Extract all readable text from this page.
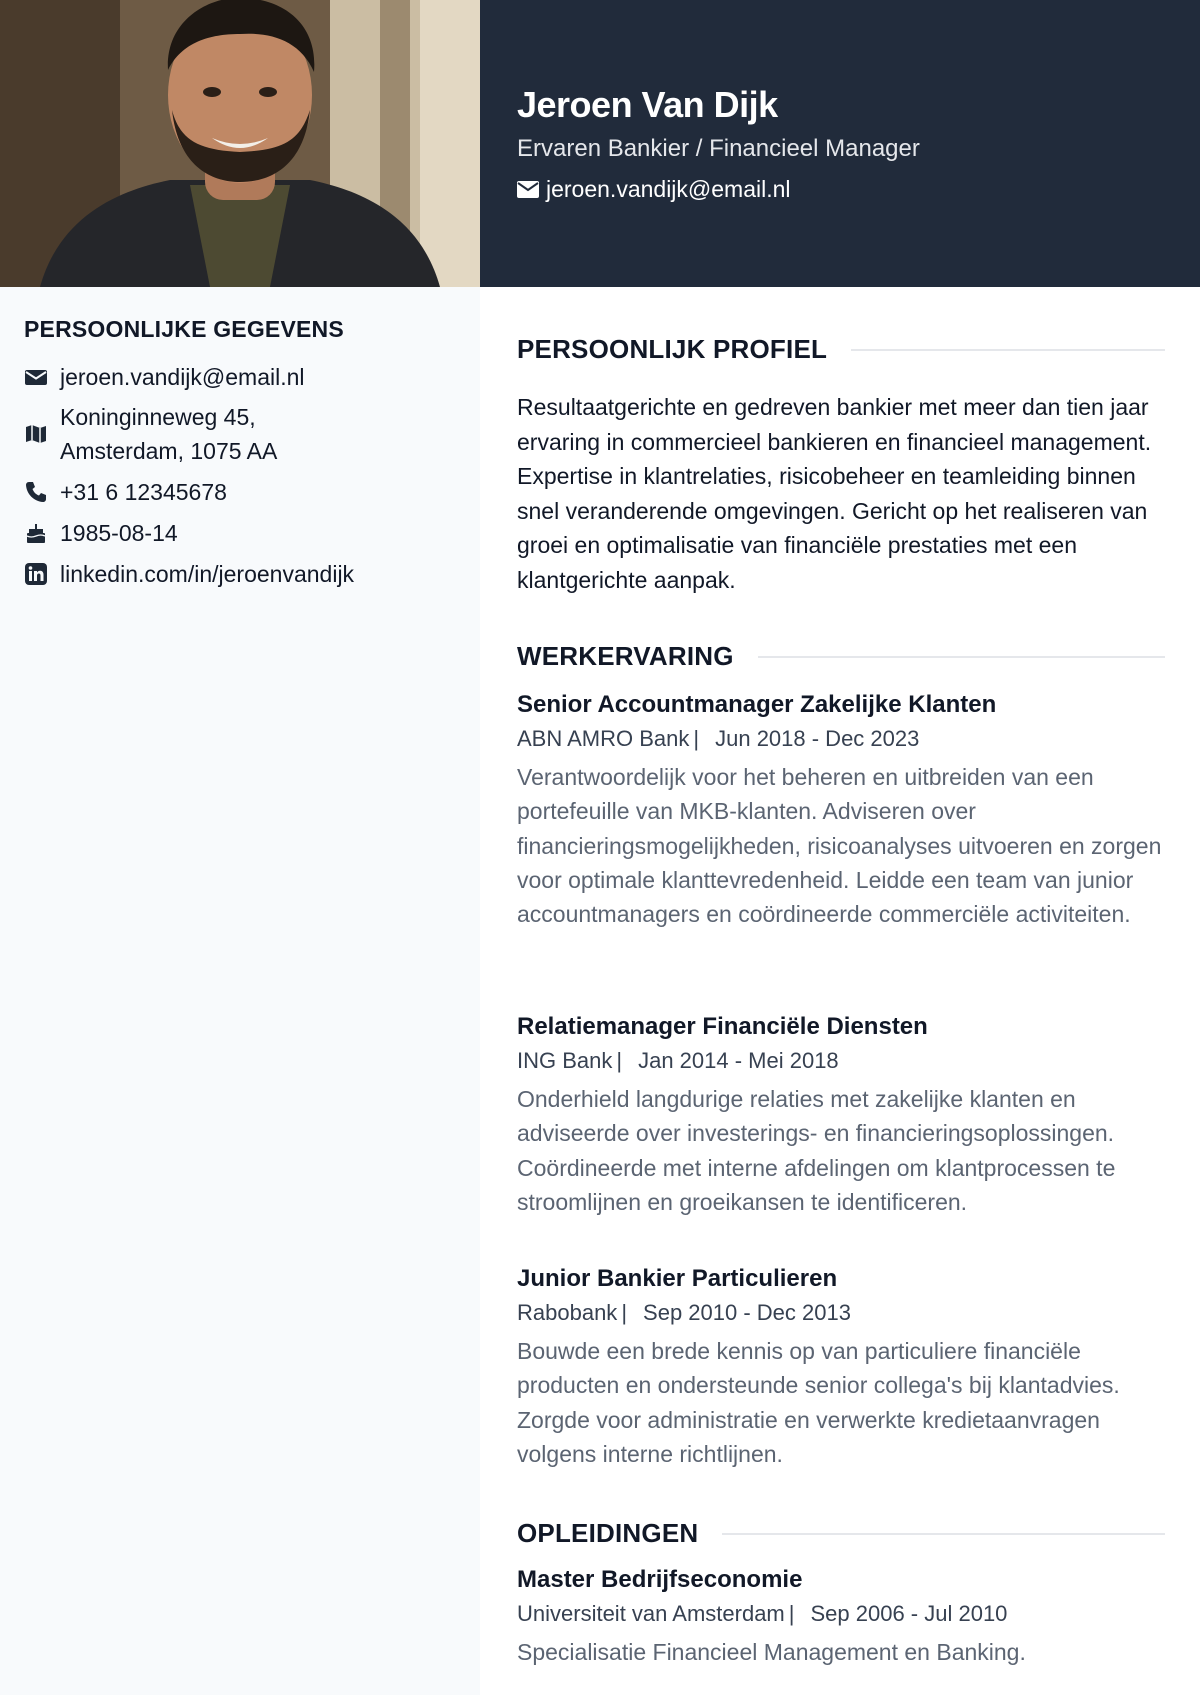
Jeroen Van Dijk
Ervaren Bankier / Financieel Manager
jeroen.vandijk@email.nl
PERSOONLIJKE GEGEVENS
jeroen.vandijk@email.nl
Koninginneweg 45,
Amsterdam, 1075 AA
+31 6 12345678
1985-08-14
linkedin.com/in/jeroenvandijk
PERSOONLIJK PROFIEL
Resultaatgerichte en gedreven bankier met meer dan tien jaar ervaring in commercieel bankieren en financieel management. Expertise in klantrelaties, risicobeheer en teamleiding binnen snel veranderende omgevingen. Gericht op het realiseren van groei en optimalisatie van financiële prestaties met een klantgerichte aanpak.
WERKERVARING
Senior Accountmanager Zakelijke Klanten
ABN AMRO Bank | Jun 2018 - Dec 2023
Verantwoordelijk voor het beheren en uitbreiden van een portefeuille van MKB-klanten. Adviseren over financieringsmogelijkheden, risicoanalyses uitvoeren en zorgen voor optimale klanttevredenheid. Leidde een team van junior accountmanagers en coördineerde commerciële activiteiten.
Relatiemanager Financiële Diensten
ING Bank | Jan 2014 - Mei 2018
Onderhield langdurige relaties met zakelijke klanten en adviseerde over investerings- en financieringsoplossingen. Coördineerde met interne afdelingen om klantprocessen te stroomlijnen en groeikansen te identificeren.
Junior Bankier Particulieren
Rabobank | Sep 2010 - Dec 2013
Bouwde een brede kennis op van particuliere financiële producten en ondersteunde senior collega's bij klantadvies. Zorgde voor administratie en verwerkte kredietaanvragen volgens interne richtlijnen.
OPLEIDINGEN
Master Bedrijfseconomie
Universiteit van Amsterdam | Sep 2006 - Jul 2010
Specialisatie Financieel Management en Banking.
